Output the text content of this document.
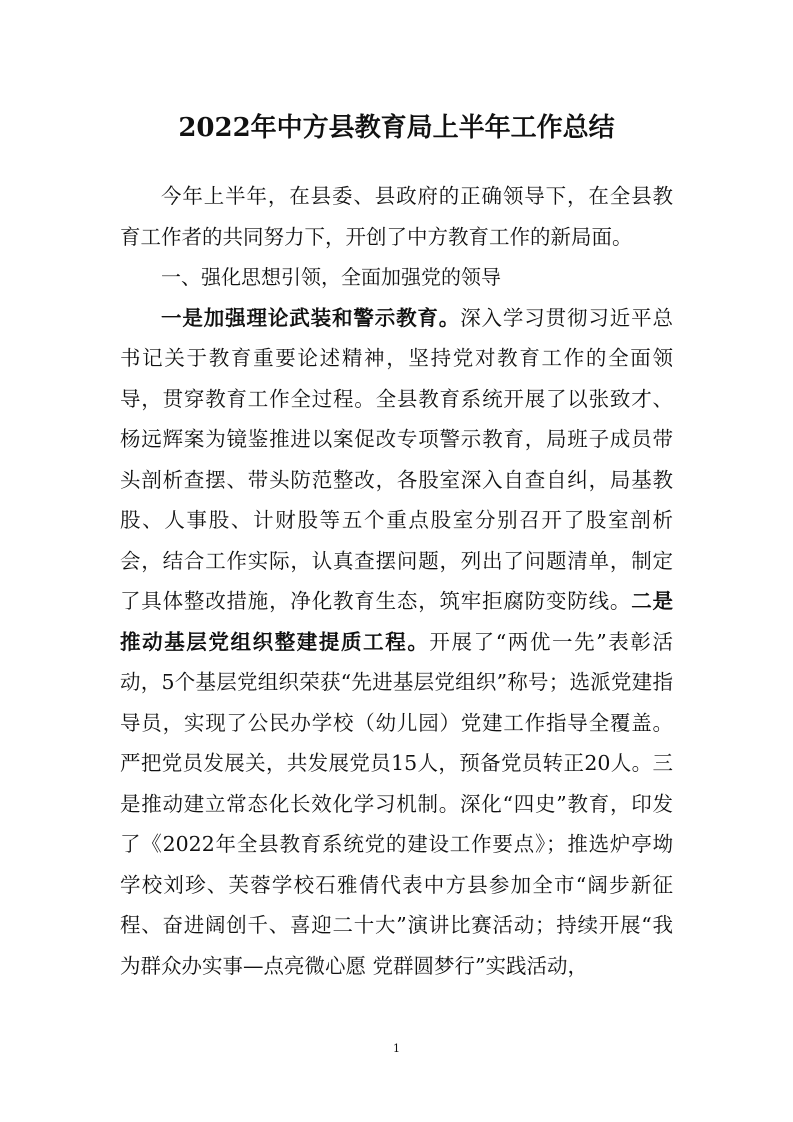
2022年中方县教育局上半年工作总结

今年上半年，在县委、县政府的正确领导下，在全县教育工作者的共同努力下，开创了中方教育工作的新局面。

一、强化思想引领，全面加强党的领导

一是加强理论武装和警示教育。深入学习贯彻习近平总书记关于教育重要论述精神，坚持党对教育工作的全面领导，贯穿教育工作全过程。全县教育系统开展了以张致才、杨远辉案为镜鉴推进以案促改专项警示教育，局班子成员带头剖析查摆、带头防范整改，各股室深入自查自纠，局基教股、人事股、计财股等五个重点股室分别召开了股室剖析会，结合工作实际，认真查摆问题，列出了问题清单，制定了具体整改措施，净化教育生态，筑牢拒腐防变防线。二是推动基层党组织整建提质工程。开展了“两优一先”表彰活动，5个基层党组织荣获“先进基层党组织”称号；选派党建指导员，实现了公民办学校（幼儿园）党建工作指导全覆盖。严把党员发展关，共发展党员15人，预备党员转正20人。三是推动建立常态化长效化学习机制。深化“四史”教育，印发了《2022年全县教育系统党的建设工作要点》；推选炉亭坳学校刘珍、芙蓉学校石雅倩代表中方县参加全市“阔步新征程、奋进阔创千、喜迎二十大”演讲比赛活动；持续开展“我为群众办实事—点亮微心愿 党群圆梦行”实践活动，

1
